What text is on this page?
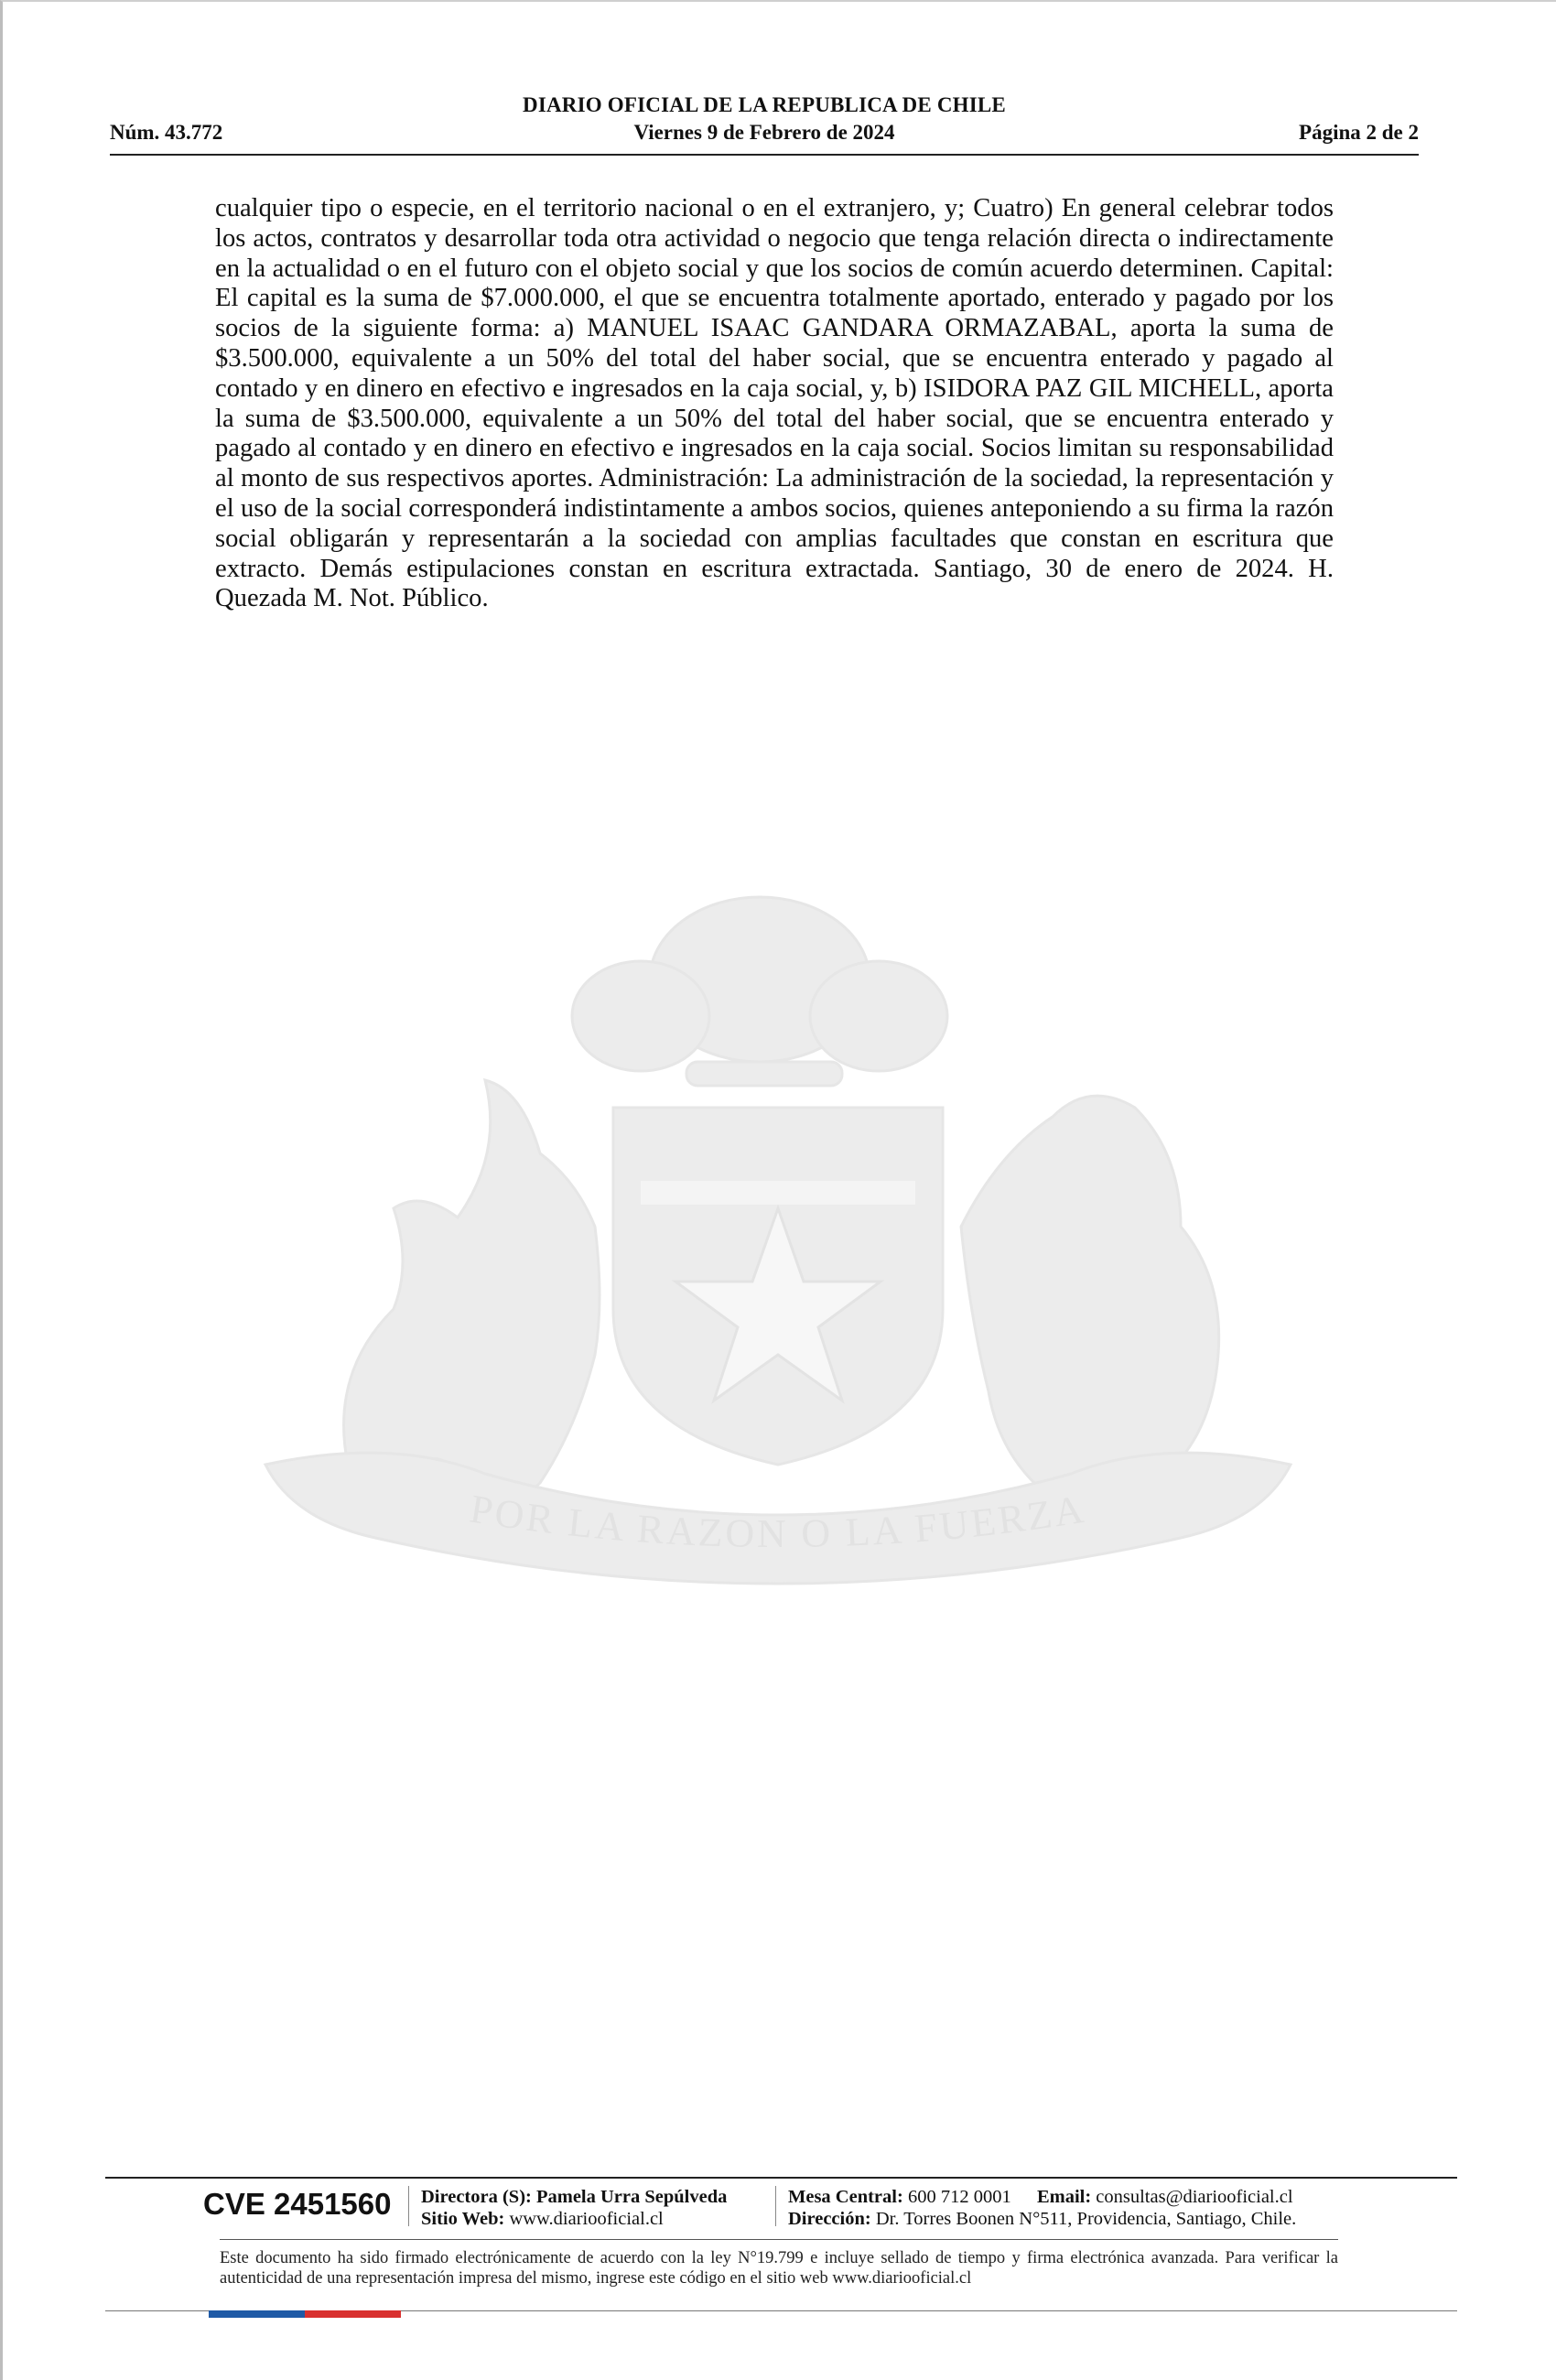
DIARIO OFICIAL DE LA REPUBLICA DE CHILE
Núm. 43.772	Viernes 9 de Febrero de 2024	Página 2 de 2
cualquier tipo o especie, en el territorio nacional o en el extranjero, y; Cuatro) En general celebrar todos los actos, contratos y desarrollar toda otra actividad o negocio que tenga relación directa o indirectamente en la actualidad o en el futuro con el objeto social y que los socios de común acuerdo determinen. Capital: El capital es la suma de $7.000.000, el que se encuentra totalmente aportado, enterado y pagado por los socios de la siguiente forma: a) MANUEL ISAAC GANDARA ORMAZABAL, aporta la suma de $3.500.000, equivalente a un 50% del total del haber social, que se encuentra enterado y pagado al contado y en dinero en efectivo e ingresados en la caja social, y, b) ISIDORA PAZ GIL MICHELL, aporta la suma de $3.500.000, equivalente a un 50% del total del haber social, que se encuentra enterado y pagado al contado y en dinero en efectivo e ingresados en la caja social. Socios limitan su responsabilidad al monto de sus respectivos aportes. Administración: La administración de la sociedad, la representación y el uso de la social corresponderá indistintamente a ambos socios, quienes anteponiendo a su firma la razón social obligarán y representarán a la sociedad con amplias facultades que constan en escritura que extracto. Demás estipulaciones constan en escritura extractada. Santiago, 30 de enero de 2024. H. Quezada M. Not. Público.
POR LA RAZON O LA FUERZA
CVE 2451560 Directora (S): Pamela Urra Sepúlveda
Sitio Web: www.diariooficial.cl
Mesa Central: 600 712 0001 Email: consultas@diariooficial.cl
Dirección: Dr. Torres Boonen N°511, Providencia, Santiago, Chile.
Este documento ha sido firmado electrónicamente de acuerdo con la ley N°19.799 e incluye sellado de tiempo y firma electrónica avanzada. Para verificar la autenticidad de una representación impresa del mismo, ingrese este código en el sitio web www.diariooficial.cl
